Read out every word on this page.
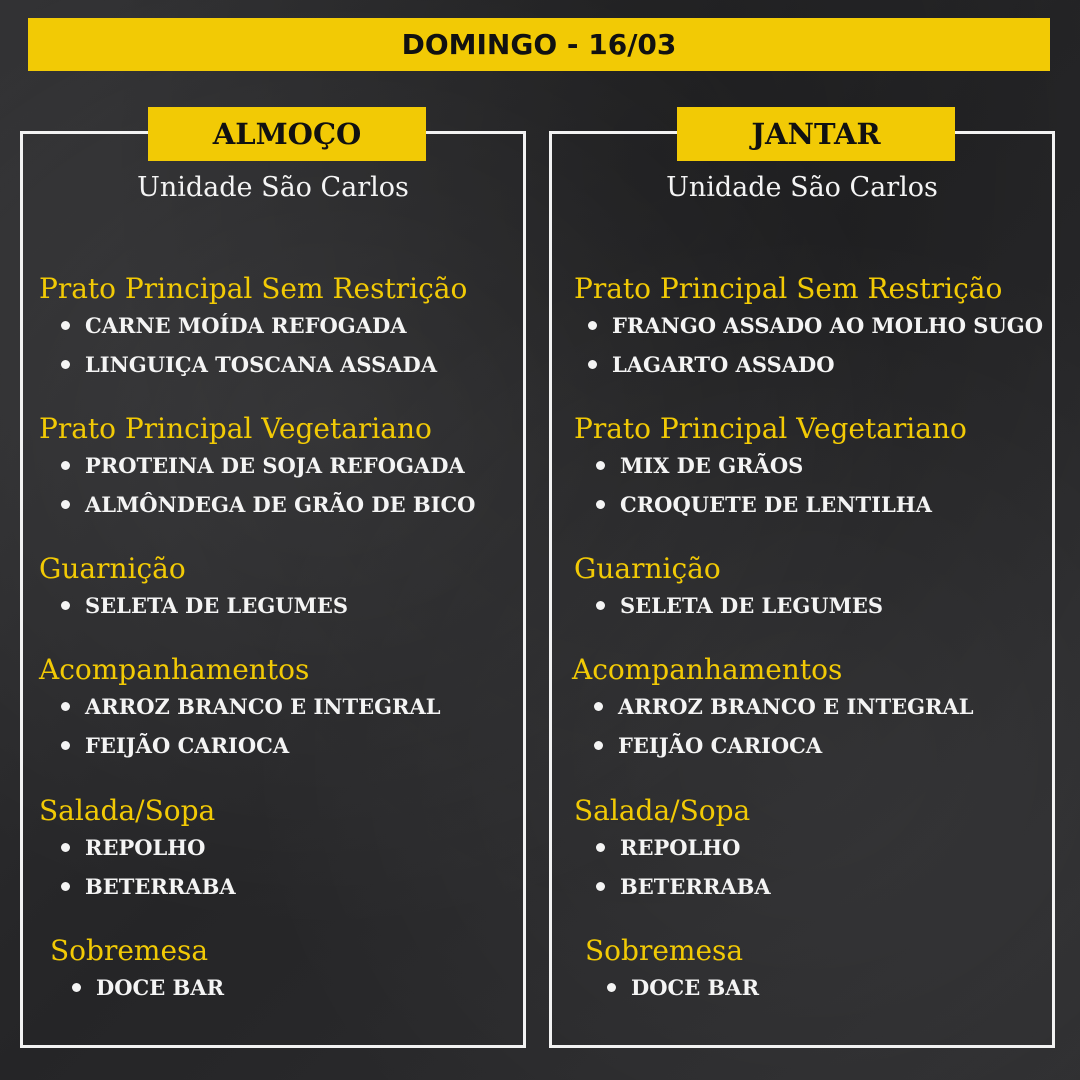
DOMINGO - 16/03
ALMOÇO
Unidade São Carlos
Prato Principal Sem Restrição
CARNE MOÍDA REFOGADA
LINGUIÇA TOSCANA ASSADA
Prato Principal Vegetariano
PROTEINA DE SOJA REFOGADA
ALMÔNDEGA DE GRÃO DE BICO
Guarnição
SELETA DE LEGUMES
Acompanhamentos
ARROZ BRANCO E INTEGRAL
FEIJÃO CARIOCA
Salada/Sopa
REPOLHO
BETERRABA
Sobremesa
DOCE BAR
JANTAR
Unidade São Carlos
Prato Principal Sem Restrição
FRANGO ASSADO AO MOLHO SUGO
LAGARTO ASSADO
Prato Principal Vegetariano
MIX DE GRÃOS
CROQUETE DE LENTILHA
Guarnição
SELETA DE LEGUMES
Acompanhamentos
ARROZ BRANCO E INTEGRAL
FEIJÃO CARIOCA
Salada/Sopa
REPOLHO
BETERRABA
Sobremesa
DOCE BAR
